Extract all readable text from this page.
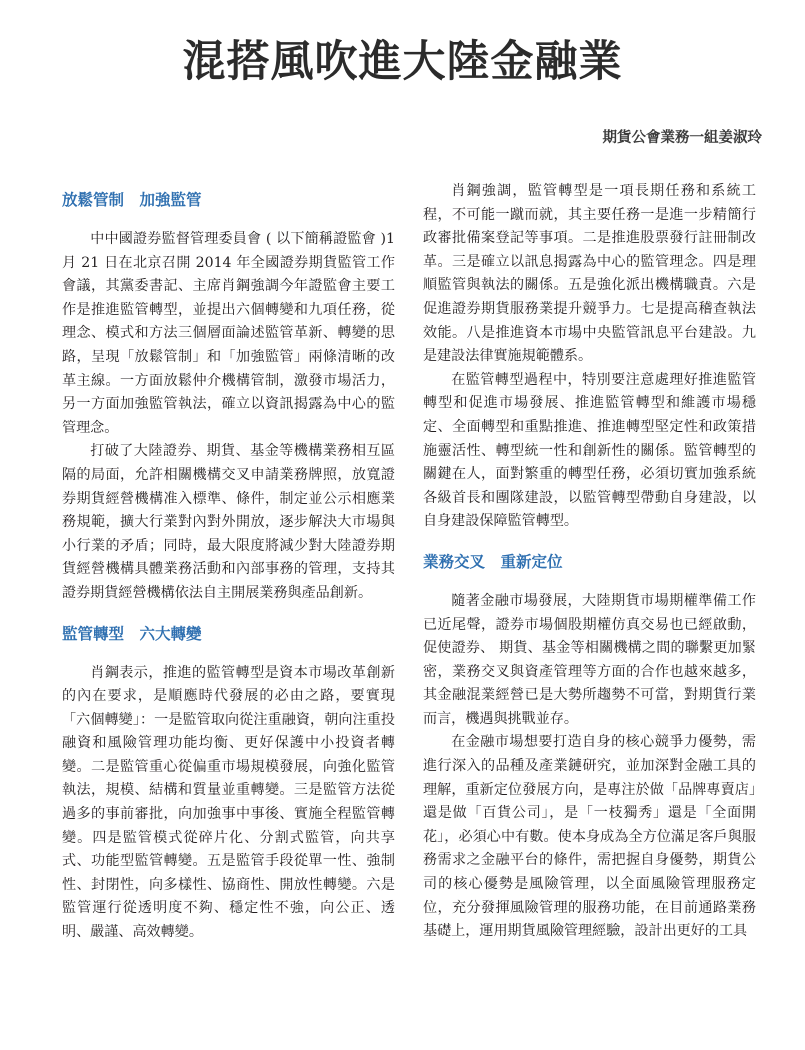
混搭風吹進大陸金融業
期貨公會業務一組姜淑玲
放鬆管制　加強監管

中中國證券監督管理委員會 ( 以下簡稱證監會 )1 月 21 日在北京召開 2014 年全國證券期貨監管工作會議，其黨委書記、主席肖鋼強調今年證監會主要工作是推進監管轉型，並提出六個轉變和九項任務，從理念、模式和方法三個層面論述監管革新、轉變的思路，呈現「放鬆管制」和「加強監管」兩條清晰的改革主線。一方面放鬆仲介機構管制，激發市場活力，另一方面加強監管執法，確立以資訊揭露為中心的監管理念。

打破了大陸證券、期貨、基金等機構業務相互區隔的局面，允許相關機構交叉申請業務牌照，放寬證券期貨經營機構准入標準、條件，制定並公示相應業務規範，擴大行業對內對外開放，逐步解決大市場與小行業的矛盾；同時，最大限度將減少對大陸證券期貨經營機構具體業務活動和內部事務的管理，支持其證券期貨經營機構依法自主開展業務與產品創新。

監管轉型　六大轉變

肖鋼表示，推進的監管轉型是資本市場改革創新的內在要求，是順應時代發展的必由之路，要實現「六個轉變」：一是監管取向從注重融資，朝向注重投融資和風險管理功能均衡、更好保護中小投資者轉變。二是監管重心從偏重市場規模發展，向強化監管執法，規模、結構和質量並重轉變。三是監管方法從過多的事前審批，向加強事中事後、實施全程監管轉變。四是監管模式從碎片化、分割式監管，向共享式、功能型監管轉變。五是監管手段從單一性、強制性、封閉性，向多樣性、協商性、開放性轉變。六是監管運行從透明度不夠、穩定性不強，向公正、透明、嚴謹、高效轉變。

肖鋼強調，監管轉型是一項長期任務和系統工程，不可能一蹴而就，其主要任務一是進一步精簡行政審批備案登記等事項。二是推進股票發行註冊制改革。三是確立以訊息揭露為中心的監管理念。四是理順監管與執法的關係。五是強化派出機構職責。六是促進證券期貨服務業提升競爭力。七是提高稽查執法效能。八是推進資本市場中央監管訊息平台建設。九是建設法律實施規範體系。

在監管轉型過程中，特別要注意處理好推進監管轉型和促進市場發展、推進監管轉型和維護市場穩定、全面轉型和重點推進、推進轉型堅定性和政策措施靈活性、轉型統一性和創新性的關係。監管轉型的關鍵在人，面對繁重的轉型任務，必須切實加強系統各級首長和團隊建設，以監管轉型帶動自身建設，以自身建設保障監管轉型。

業務交叉　重新定位

隨著金融市場發展，大陸期貨市場期權準備工作已近尾聲，證券市場個股期權仿真交易也已經啟動，促使證券、 期貨、基金等相關機構之間的聯繫更加緊密，業務交叉與資產管理等方面的合作也越來越多，其金融混業經營已是大勢所趨勢不可當，對期貨行業而言，機遇與挑戰並存。

在金融市場想要打造自身的核心競爭力優勢，需進行深入的品種及產業鏈研究，並加深對金融工具的理解，重新定位發展方向，是專注於做「品牌專賣店」還是做「百貨公司」，是「一枝獨秀」還是「全面開花」，必須心中有數。使本身成為全方位滿足客戶與服務需求之金融平台的條件，需把握自身優勢，期貨公司的核心優勢是風險管理，以全面風險管理服務定位，充分發揮風險管理的服務功能，在目前通路業務基礎上，運用期貨風險管理經驗，設計出更好的工具
